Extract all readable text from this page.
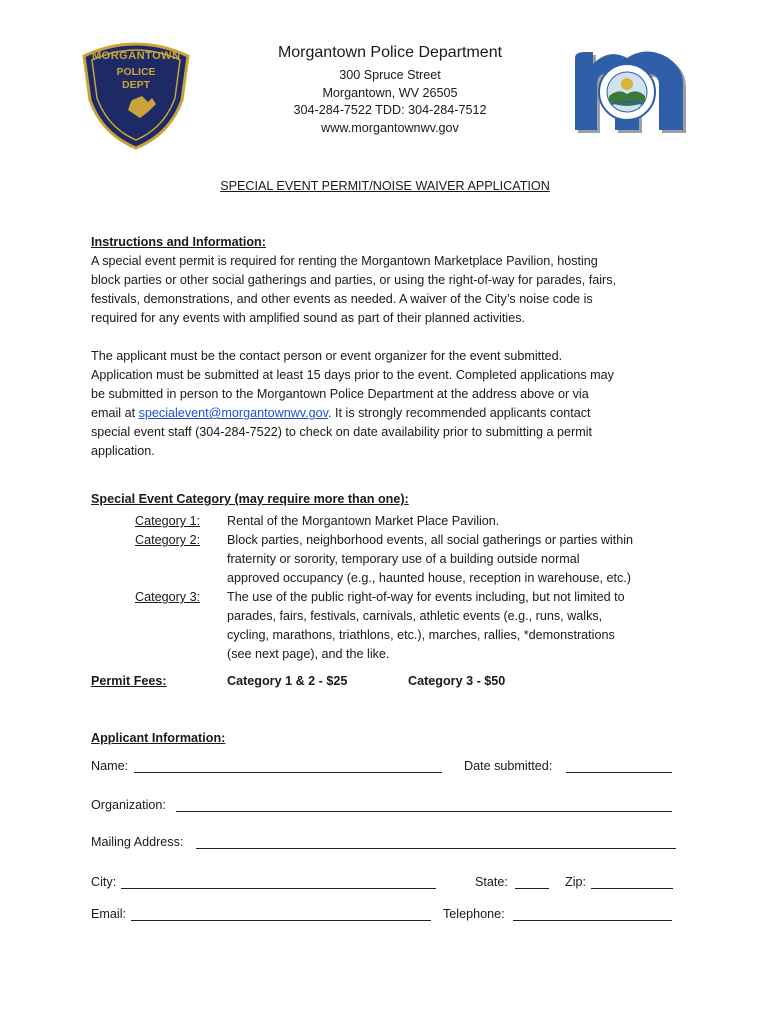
MORGANTOWN
POLICE
DEPT
Morgantown Police Department
300 Spruce Street
Morgantown, WV 26505
304-284-7522 TDD: 304-284-7512
www.morgantownwv.gov
SPECIAL EVENT PERMIT/NOISE WAIVER APPLICATION
Instructions and Information:
A special event permit is required for renting the Morgantown Marketplace Pavilion, hosting
block parties or other social gatherings and parties, or using the right-of-way for parades, fairs,
festivals, demonstrations, and other events as needed. A waiver of the City’s noise code is
required for any events with amplified sound as part of their planned activities.
The applicant must be the contact person or event organizer for the event submitted.
Application must be submitted at least 15 days prior to the event. Completed applications may
be submitted in person to the Morgantown Police Department at the address above or via
email at specialevent@morgantownwv.gov. It is strongly recommended applicants contact
special event staff (304-284-7522) to check on date availability prior to submitting a permit
application.
Special Event Category (may require more than one):
Category 1: Rental of the Morgantown Market Place Pavilion.
Category 2: Block parties, neighborhood events, all social gatherings or parties within
fraternity or sorority, temporary use of a building outside normal
approved occupancy (e.g., haunted house, reception in warehouse, etc.)
Category 3: The use of the public right-of-way for events including, but not limited to
parades, fairs, festivals, carnivals, athletic events (e.g., runs, walks,
cycling, marathons, triathlons, etc.), marches, rallies, *demonstrations
(see next page), and the like.
Permit Fees:	Category 1 & 2 - $25	Category 3 - $50
Applicant Information:
Name:	Date submitted:
Organization:
Mailing Address:
City:	State:	Zip:
Email:	Telephone:
